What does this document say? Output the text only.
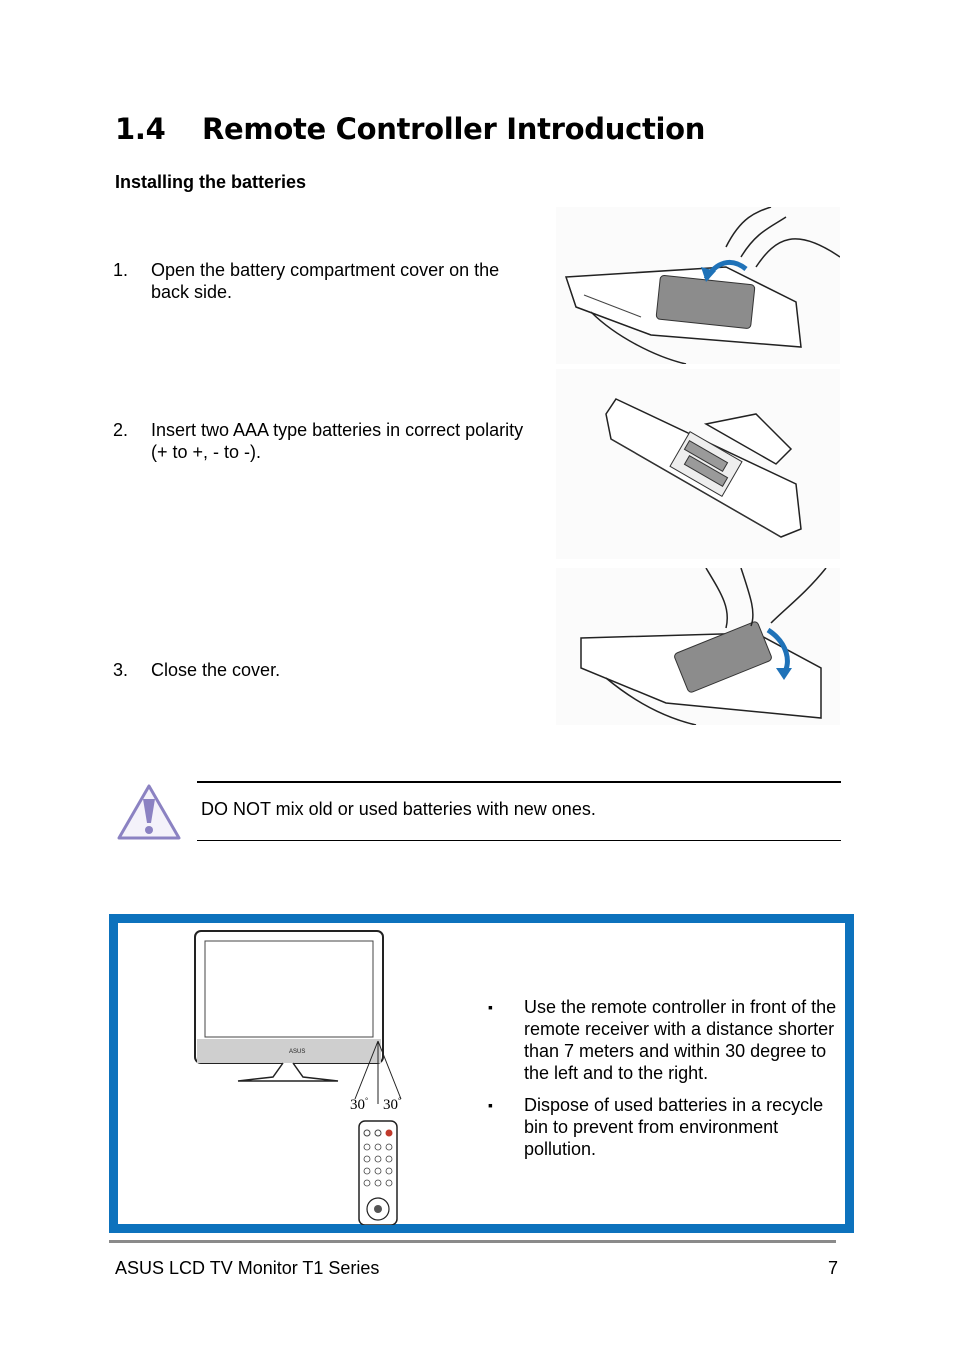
1.4 Remote Controller Introduction
Installing the batteries
1. Open the battery compartment cover on the back side.
2. Insert two AAA type batteries in correct polarity (+ to +, - to -).
3. Close the cover.
DO NOT mix old or used batteries with new ones.
ASUS
30° 30°
▪ Use the remote controller in front of the remote receiver with a distance shorter than 7 meters and within 30 degree to the left and to the right.
▪ Dispose of used batteries in a recycle bin to prevent from environment pollution.
ASUS LCD TV Monitor T1 Series	7
